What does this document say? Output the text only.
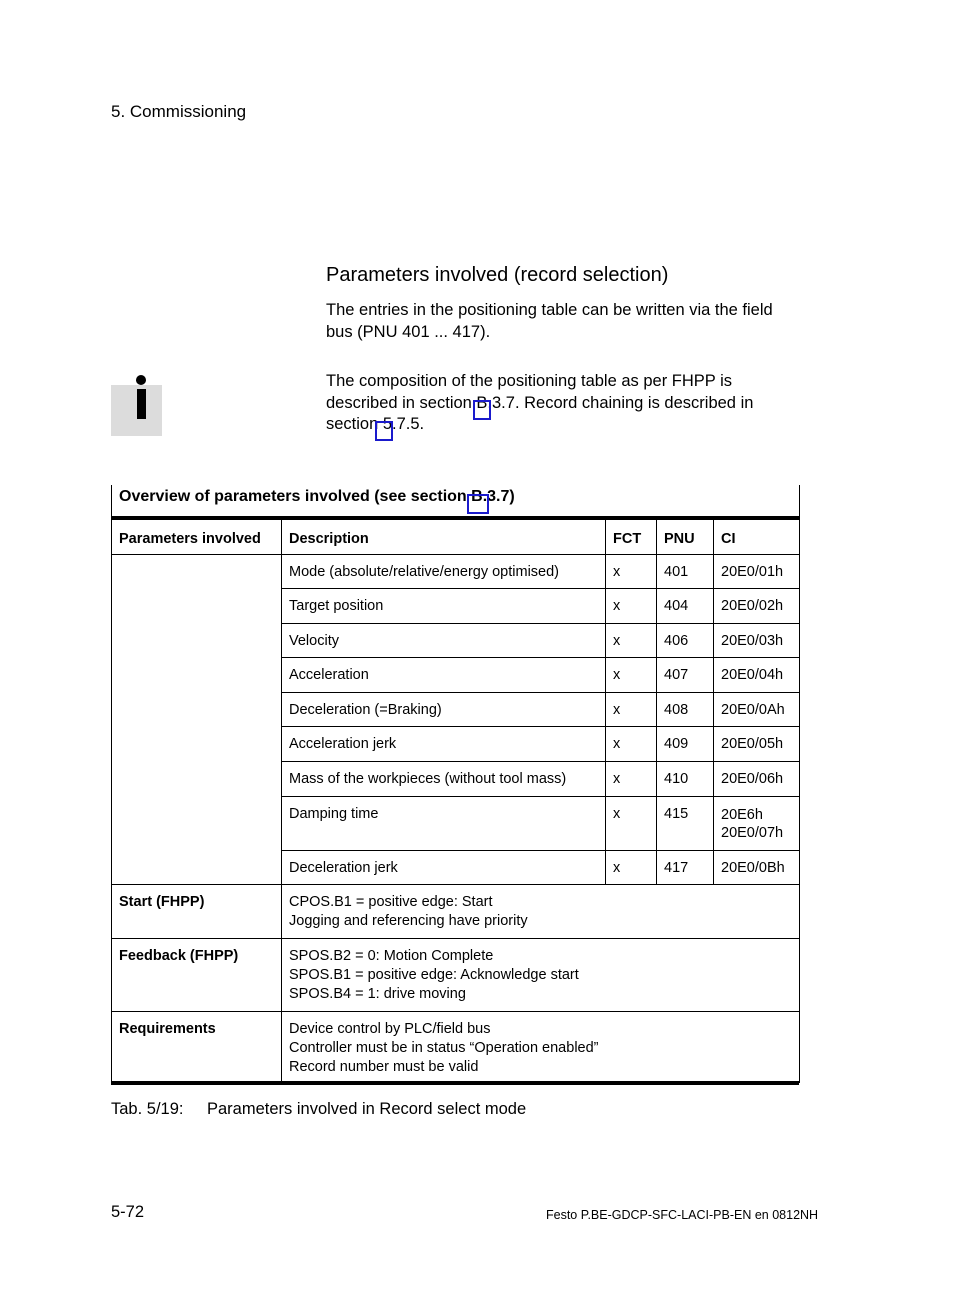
5. Commissioning
Parameters involved (record selection)
The entries in the positioning table can be written via the field bus (PNU 401 ... 417).
The composition of the positioning table as per FHPP is described in section B.3.7. Record chaining is described in section 5.7.5.
Overview of parameters involved (see section B.3.7)				
Parameters involved	Description	FCT	PNU	CI
	Mode (absolute/relative/energy optimised)	x	401	20E0/01h
	Target position	x	404	20E0/02h
	Velocity	x	406	20E0/03h
	Acceleration	x	407	20E0/04h
	Deceleration (=Braking)	x	408	20E0/0Ah
	Acceleration jerk	x	409	20E0/05h
	Mass of the workpieces (without tool mass)	x	410	20E0/06h
	Damping time	x	415	20E6h
20E0/07h

	Deceleration jerk	x	417	20E0/0Bh
Start (FHPP)	CPOS.B1 = positive edge: Start
Jogging and referencing have priority			

Feedback (FHPP)	SPOS.B2 = 0: Motion Complete
SPOS.B1 = positive edge: Acknowledge start
SPOS.B4 = 1: drive moving			

Requirements	Device control by PLC/field bus
Controller must be in status “Operation enabled”
Record number must be valid			
Tab. 5/19: Parameters involved in Record select mode
5-72	Festo P.BE-GDCP-SFC-LACI-PB-EN en 0812NH
